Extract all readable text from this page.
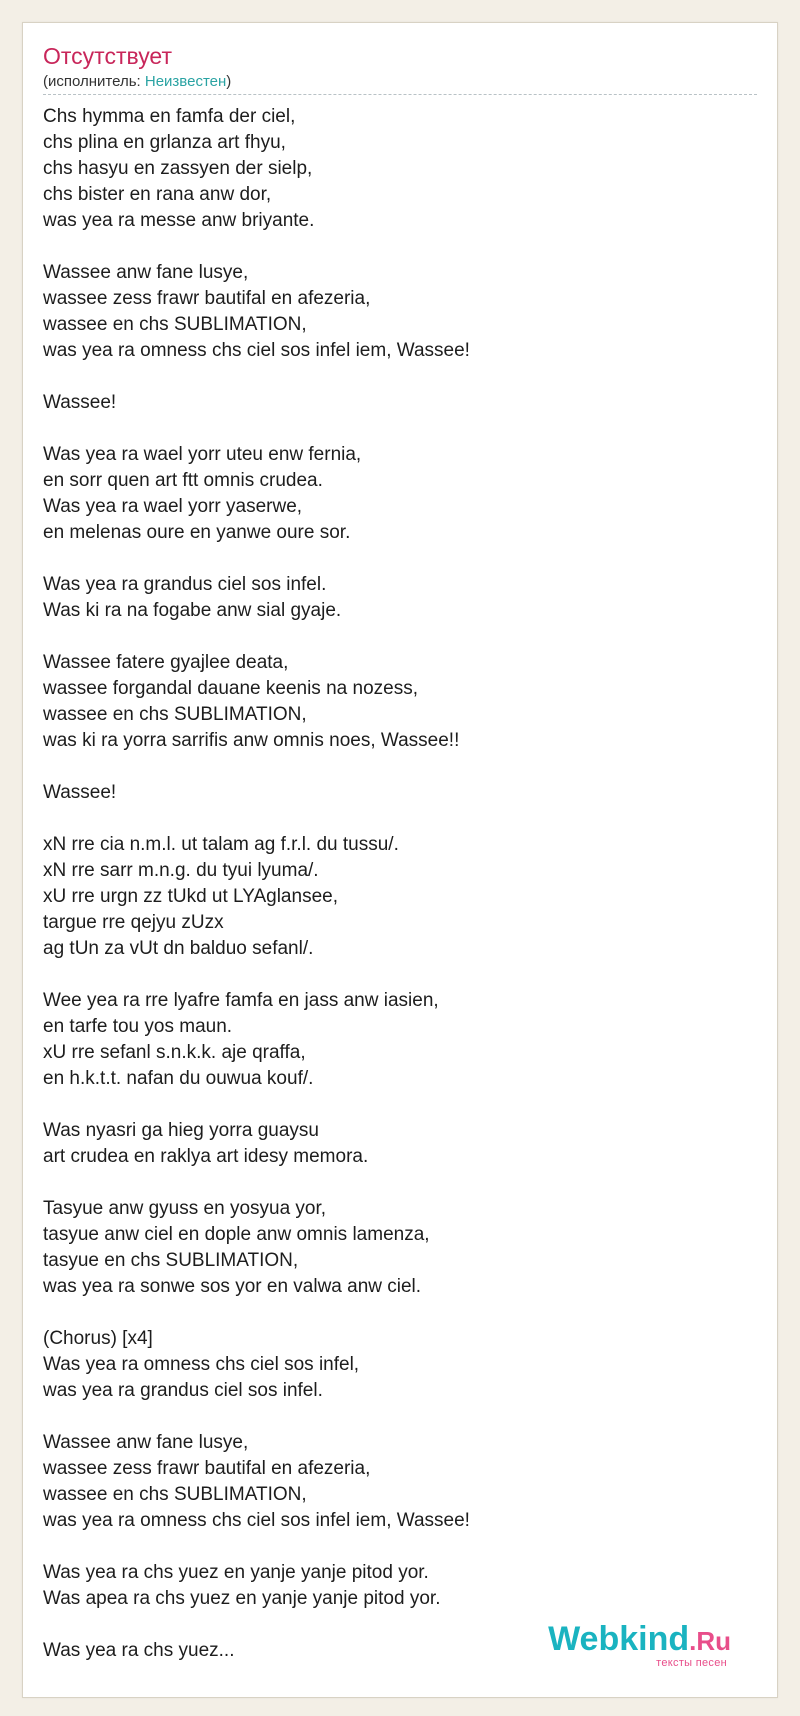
Отсутствует
(исполнитель: Неизвестен)
Chs hymma en famfa der ciel,
chs plina en grlanza art fhyu,
chs hasyu en zassyen der sielp,
chs bister en rana anw dor,
was yea ra messe anw briyante.
Wassee anw fane lusye,
wassee zess frawr bautifal en afezeria,
wassee en chs SUBLIMATION,
was yea ra omness chs ciel sos infel iem, Wassee!
Wassee!
Was yea ra wael yorr uteu enw fernia,
en sorr quen art ftt omnis crudea.
Was yea ra wael yorr yaserwe,
en melenas oure en yanwe oure sor.
Was yea ra grandus ciel sos infel.
Was ki ra na fogabe anw sial gyaje.
Wassee fatere gyajlee deata,
wassee forgandal dauane keenis na nozess,
wassee en chs SUBLIMATION,
was ki ra yorra sarrifis anw omnis noes, Wassee!!
Wassee!
xN rre cia n.m.l. ut talam ag f.r.l. du tussu/.
xN rre sarr m.n.g. du tyui lyuma/.
xU rre urgn zz tUkd ut LYAglansee,
targue rre qejyu zUzx
ag tUn za vUt dn balduo sefanl/.
Wee yea ra rre lyafre famfa en jass anw iasien,
en tarfe tou yos maun.
xU rre sefanl s.n.k.k. aje qraffa,
en h.k.t.t. nafan du ouwua kouf/.
Was nyasri ga hieg yorra guaysu
art crudea en raklya art idesy memora.
Tasyue anw gyuss en yosyua yor,
tasyue anw ciel en dople anw omnis lamenza,
tasyue en chs SUBLIMATION,
was yea ra sonwe sos yor en valwa anw ciel.
(Chorus) [x4]
Was yea ra omness chs ciel sos infel,
was yea ra grandus ciel sos infel.
Wassee anw fane lusye,
wassee zess frawr bautifal en afezeria,
wassee en chs SUBLIMATION,
was yea ra omness chs ciel sos infel iem, Wassee!
Was yea ra chs yuez en yanje yanje pitod yor.
Was apea ra chs yuez en yanje yanje pitod yor.
Was yea ra chs yuez...	Webkind.Ru
тексты песен
